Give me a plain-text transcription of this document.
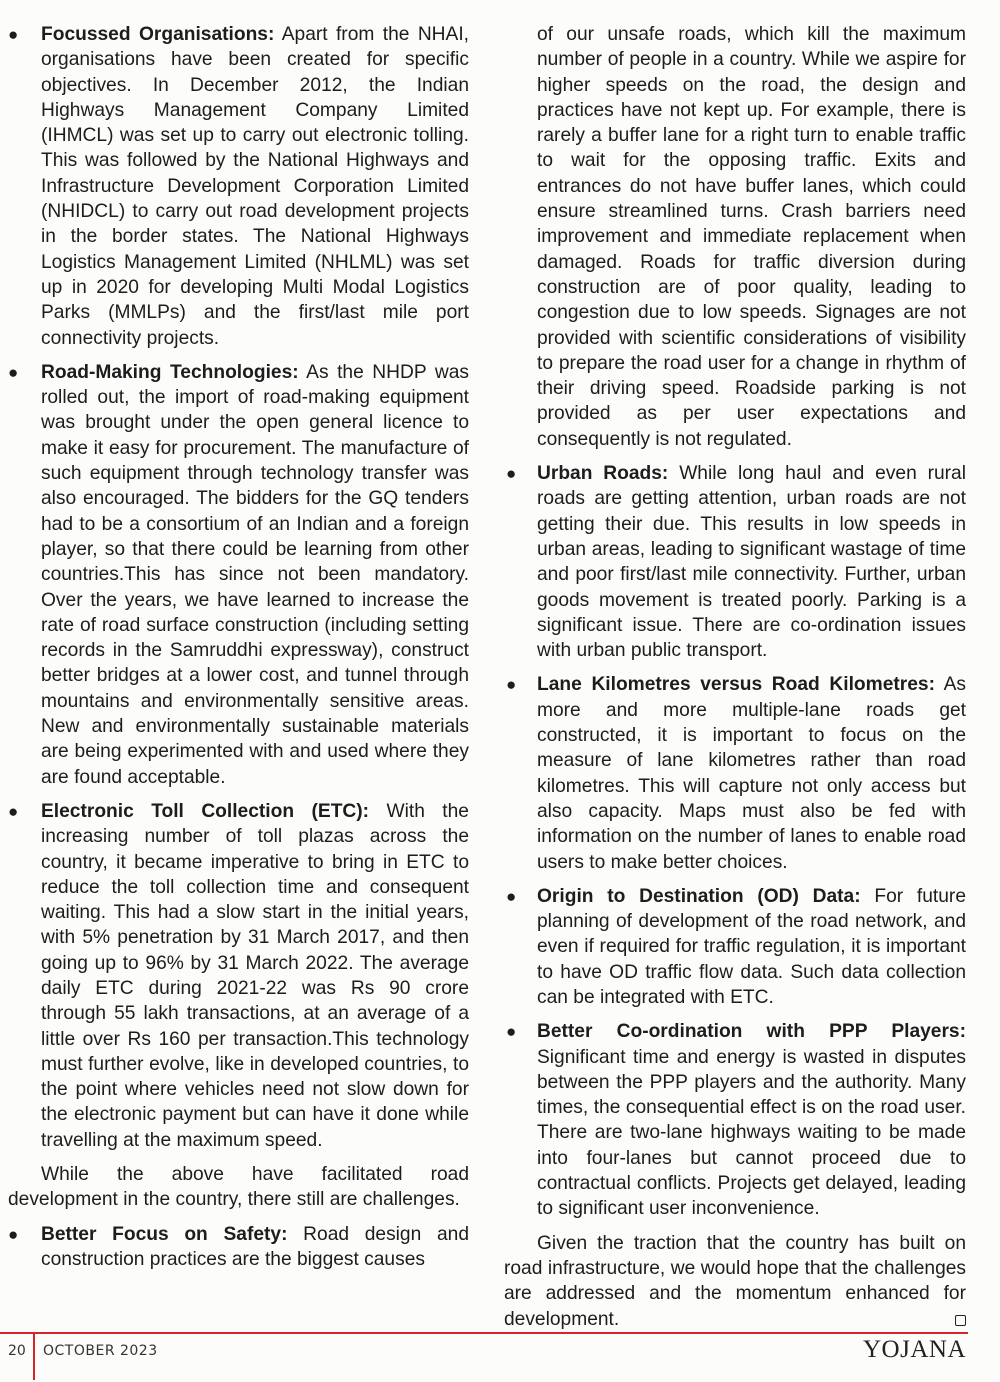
● Focussed Organisations: Apart from the NHAI, organisations have been created for specific objectives. In December 2012, the Indian Highways Management Company Limited (IHMCL) was set up to carry out electronic tolling. This was followed by the National Highways and Infrastructure Development Corporation Limited (NHIDCL) to carry out road development projects in the border states. The National Highways Logistics Management Limited (NHLML) was set up in 2020 for developing Multi Modal Logistics Parks (MMLPs) and the first/last mile port connectivity projects.
● Road-Making Technologies: As the NHDP was rolled out, the import of road-making equipment was brought under the open general licence to make it easy for procurement. The manufacture of such equipment through technology transfer was also encouraged. The bidders for the GQ tenders had to be a consortium of an Indian and a foreign player, so that there could be learning from other countries.This has since not been mandatory. Over the years, we have learned to increase the rate of road surface construction (including setting records in the Samruddhi expressway), construct better bridges at a lower cost, and tunnel through mountains and environmentally sensitive areas. New and environmentally sustainable materials are being experimented with and used where they are found acceptable.
● Electronic Toll Collection (ETC): With the increasing number of toll plazas across the country, it became imperative to bring in ETC to reduce the toll collection time and consequent waiting. This had a slow start in the initial years, with 5% penetration by 31 March 2017, and then going up to 96% by 31 March 2022. The average daily ETC during 2021-22 was Rs 90 crore through 55 lakh transactions, at an average of a little over Rs 160 per transaction.This technology must further evolve, like in developed countries, to the point where vehicles need not slow down for the electronic payment but can have it done while travelling at the maximum speed.

While the above have facilitated road development in the country, there still are challenges.

● Better Focus on Safety: Road design and construction practices are the biggest causes
of our unsafe roads, which kill the maximum number of people in a country. While we aspire for higher speeds on the road, the design and practices have not kept up. For example, there is rarely a buffer lane for a right turn to enable traffic to wait for the opposing traffic. Exits and entrances do not have buffer lanes, which could ensure streamlined turns. Crash barriers need improvement and immediate replacement when damaged. Roads for traffic diversion during construction are of poor quality, leading to congestion due to low speeds. Signages are not provided with scientific considerations of visibility to prepare the road user for a change in rhythm of their driving speed. Roadside parking is not provided as per user expectations and consequently is not regulated.
● Urban Roads: While long haul and even rural roads are getting attention, urban roads are not getting their due. This results in low speeds in urban areas, leading to significant wastage of time and poor first/last mile connectivity. Further, urban goods movement is treated poorly. Parking is a significant issue. There are co-ordination issues with urban public transport.
● Lane Kilometres versus Road Kilometres: As more and more multiple-lane roads get constructed, it is important to focus on the measure of lane kilometres rather than road kilometres. This will capture not only access but also capacity. Maps must also be fed with information on the number of lanes to enable road users to make better choices.
● Origin to Destination (OD) Data: For future planning of development of the road network, and even if required for traffic regulation, it is important to have OD traffic flow data. Such data collection can be integrated with ETC.
● Better Co-ordination with PPP Players: Significant time and energy is wasted in disputes between the PPP players and the authority. Many times, the consequential effect is on the road user. There are two-lane highways waiting to be made into four-lanes but cannot proceed due to contractual conflicts. Projects get delayed, leading to significant user inconvenience.

Given the traction that the country has built on road infrastructure, we would hope that the challenges are addressed and the momentum enhanced for development.

20 OCTOBER 2023	YOJANA
